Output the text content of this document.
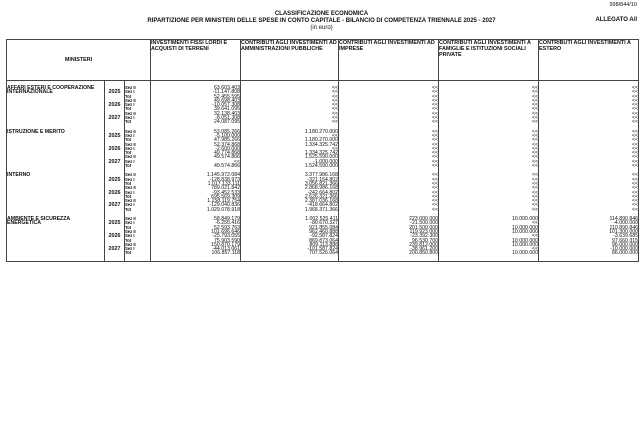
998/844/10
CLASSIFICAZIONE ECONOMICA
RIPARTIZIONE PER MINISTERI DELLE SPESE IN CONTO CAPITALE - BILANCIO DI COMPETENZA TRIENNALE 2025 - 2027
(in euro)
ALLEGATO A/I
MINISTERI			INVESTIMENTI FISSI LORDI E ACQUISTI DI TERRENI	CONTRIBUTI AGLI INVESTIMENTI AD AMMINISTRAZIONI PUBBLICHE	CONTRIBUTI AGLI INVESTIMENTI AD IMPRESE	CONTRIBUTI AGLI INVESTIMENTI A FAMIGLIE E ISTITUZIONI SOCIALI PRIVATE	CONTRIBUTI AGLI INVESTIMENTI A ESTERO

AFFARI ESTERI E COOPERAZIONE INTERNAZIONALE	2025	Sez II	63.603.403	<<	<<	<<	<<
		Sez I	-11.147.808	<<	<<	<<	<<
		Tot	52.455.595	<<	<<	<<	<<
	2026	Sez II	49.698.403	<<	<<	<<	<<
		Sez I	-10.057.308	<<	<<	<<	<<
		Tot	39.641.095	<<	<<	<<	<<
	2027	Sez II	32.138.403	<<	<<	<<	<<
		Sez I	-8.051.308	<<	<<	<<	<<
		Tot	24.087.095	<<	<<	<<	<<

ISTRUZIONE E MERITO	2025	Sez II	53.085.266	1.180.270.000	<<	<<	<<
		Sez I	-5.100.000	<<	<<	<<	<<
		Tot	47.985.266	1.180.270.000	<<	<<	<<
	2026	Sez II	52.374.868	1.334.325.742	<<	<<	<<
		Sez I	-2.600.000	<<	<<	<<	<<
		Tot	49.774.868	1.334.325.742	<<	<<	<<
	2027	Sez II	49.574.866	1.525.590.000	<<	<<	<<
		Sez I	<<	-1.000.000	<<	<<	<<
		Tot	49.574.866	1.524.590.000	<<	<<	<<

INTERNO	2025	Sez II	1.145.972.084	3.377.986.168	<<	<<	<<
		Sez I	-128.838.973	-321.164.802	<<	<<	<<
		Tot	1.017.133.111	3.056.821.366	<<	<<	<<
	2026	Sez II	789.021.842	2.868.986.168	<<	<<	<<
		Sez I	-93.452.533	-242.664.802	<<	<<	<<
		Tot	695.569.309	2.626.321.366	<<	<<	<<
	2027	Sez II	1.158.119.754	2.387.036.168	<<	<<	<<
		Sez I	-129.040.836	-418.664.802	<<	<<	<<
		Tot	1.029.078.918	1.968.371.366	<<	<<	<<

AMBIENTE E SICUREZZA ENERGETICA	2025	Sez II	58.849.179	1.002.525.411	223.000.000	10.000.000	114.890.846
		Sez I	-6.255.416	-80.670.327	-21.500.000	<<	-4.000.000
		Tot	52.593.763	921.855.084	201.500.000	10.000.000	110.890.846
	2026	Sez II	101.696.646	962.460.888	119.923.000	10.000.000	101.300.000
		Sez I	-25.793.055	-92.587.824	-23.392.300	<<	-3.639.685
		Tot	75.903.590	869.873.064	96.530.700	10.000.000	97.660.315
	2027	Sez II	150.870.179	809.113.888	239.812.000	10.000.000	96.000.000
		Sez I	-44.013.061	-101.587.824	-38.961.200	<<	-10.000.000
		Tot	106.857.118	707.526.064	200.850.800	10.000.000	86.000.000
